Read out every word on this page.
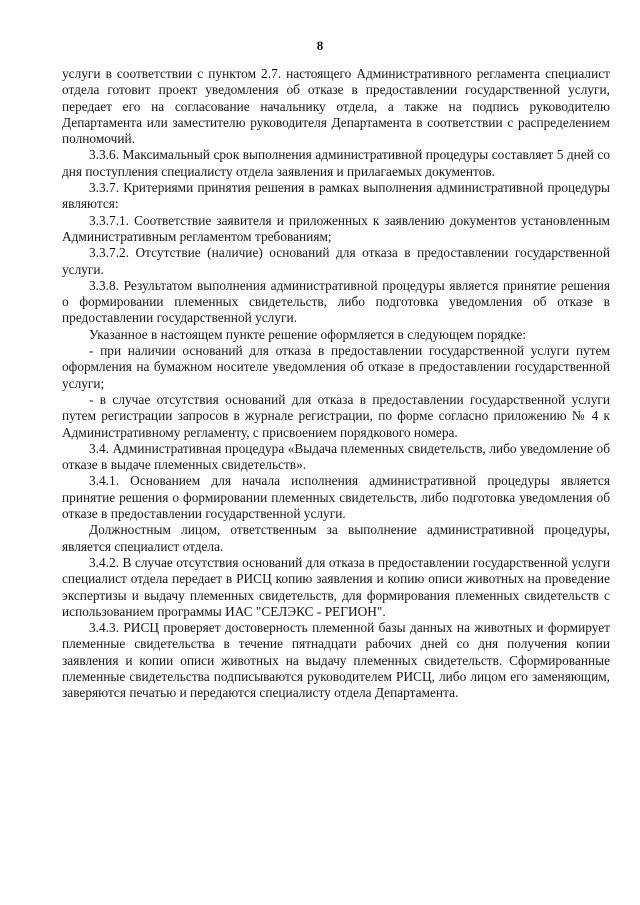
8

услуги в соответствии с пунктом 2.7. настоящего Административного регламента специалист отдела готовит проект уведомления об отказе в предоставлении государственной услуги, передает его на согласование начальнику отдела, а также на подпись руководителю Департамента или заместителю руководителя Департамента в соответствии с распределением полномочий.

3.3.6. Максимальный срок выполнения административной процедуры составляет 5 дней со дня поступления специалисту отдела заявления и прилагаемых документов.

3.3.7. Критериями принятия решения в рамках выполнения административной процедуры являются:

3.3.7.1. Соответствие заявителя и приложенных к заявлению документов установленным Административным регламентом требованиям;

3.3.7.2. Отсутствие (наличие) оснований для отказа в предоставлении государственной услуги.

3.3.8. Результатом выполнения административной процедуры является принятие решения о формировании племенных свидетельств, либо подготовка уведомления об отказе в предоставлении государственной услуги.

Указанное в настоящем пункте решение оформляется в следующем порядке:

- при наличии оснований для отказа в предоставлении государственной услуги путем оформления на бумажном носителе уведомления об отказе в предоставлении государственной услуги;

- в случае отсутствия оснований для отказа в предоставлении государственной услуги путем регистрации запросов в журнале регистрации, по форме согласно приложению № 4 к Административному регламенту, с присвоением порядкового номера.

3.4. Административная процедура «Выдача племенных свидетельств, либо уведомление об отказе в выдаче племенных свидетельств».

3.4.1. Основанием для начала исполнения административной процедуры является принятие решения о формировании племенных свидетельств, либо подготовка уведомления об отказе в предоставлении государственной услуги.

Должностным лицом, ответственным за выполнение административной процедуры, является специалист отдела.

3.4.2. В случае отсутствия оснований для отказа в предоставлении государственной услуги специалист отдела передает в РИСЦ копию заявления и копию описи животных на проведение экспертизы и выдачу племенных свидетельств, для формирования племенных свидетельств с использованием программы ИАС "СЕЛЭКС - РЕГИОН".

3.4.3. РИСЦ проверяет достоверность племенной базы данных на животных и формирует племенные свидетельства в течение пятнадцати рабочих дней со дня получения копии заявления и копии описи животных на выдачу племенных свидетельств. Сформированные племенные свидетельства подписываются руководителем РИСЦ, либо лицом его заменяющим, заверяются печатью и передаются специалисту отдела Департамента.
